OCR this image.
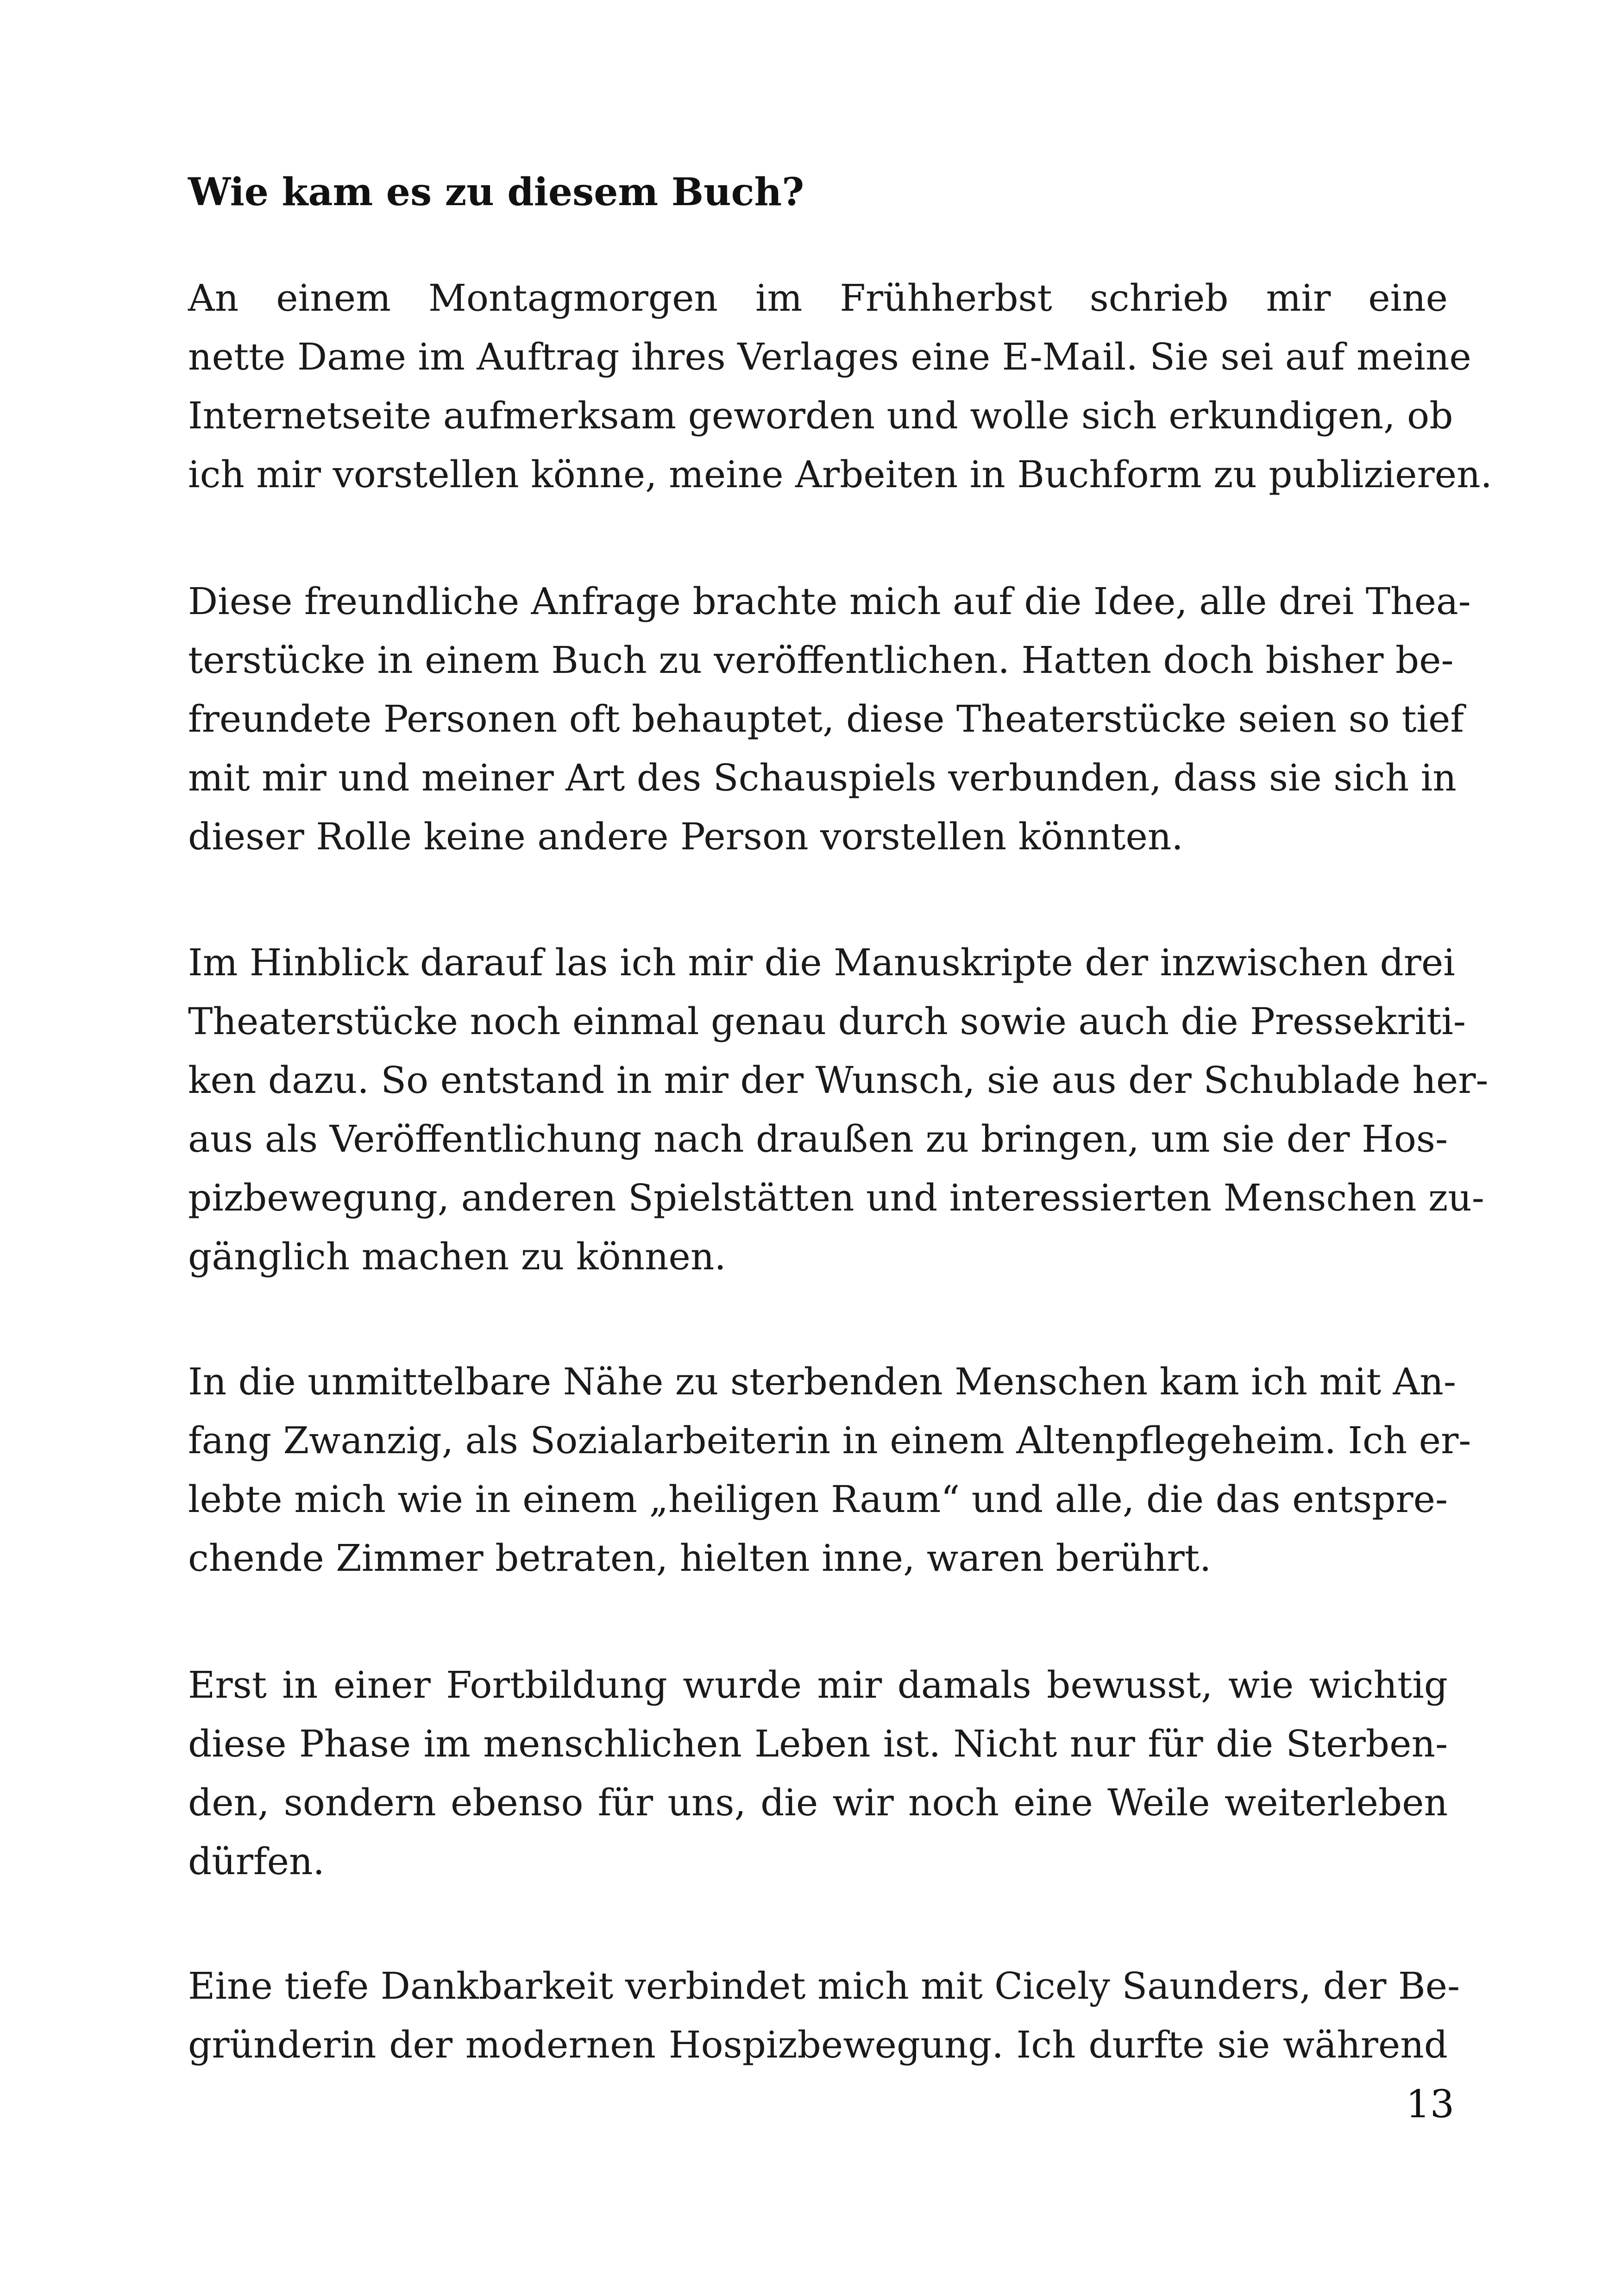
Wie kam es zu diesem Buch?

An einem Montagmorgen im Frühherbst schrieb mir eine
nette Dame im Auftrag ihres Verlages eine E-Mail. Sie sei auf meine
Internetseite aufmerksam geworden und wolle sich erkundigen, ob
ich mir vorstellen könne, meine Arbeiten in Buchform zu publizieren.

Diese freundliche Anfrage brachte mich auf die Idee, alle drei Thea-
terstücke in einem Buch zu veröffentlichen. Hatten doch bisher be-
freundete Personen oft behauptet, diese Theaterstücke seien so tief
mit mir und meiner Art des Schauspiels verbunden, dass sie sich in
dieser Rolle keine andere Person vorstellen könnten.

Im Hinblick darauf las ich mir die Manuskripte der inzwischen drei
Theaterstücke noch einmal genau durch sowie auch die Pressekriti-
ken dazu. So entstand in mir der Wunsch, sie aus der Schublade her-
aus als Veröffentlichung nach draußen zu bringen, um sie der Hos-
pizbewegung, anderen Spielstätten und interessierten Menschen zu-
gänglich machen zu können.

In die unmittelbare Nähe zu sterbenden Menschen kam ich mit An-
fang Zwanzig, als Sozialarbeiterin in einem Altenpflegeheim. Ich er-
lebte mich wie in einem „heiligen Raum“ und alle, die das entspre-
chende Zimmer betraten, hielten inne, waren berührt.

Erst in einer Fortbildung wurde mir damals bewusst, wie wichtig
diese Phase im menschlichen Leben ist. Nicht nur für die Sterben-
den, sondern ebenso für uns, die wir noch eine Weile weiterleben
dürfen.

Eine tiefe Dankbarkeit verbindet mich mit Cicely Saunders, der Be-
gründerin der modernen Hospizbewegung. Ich durfte sie während

13
